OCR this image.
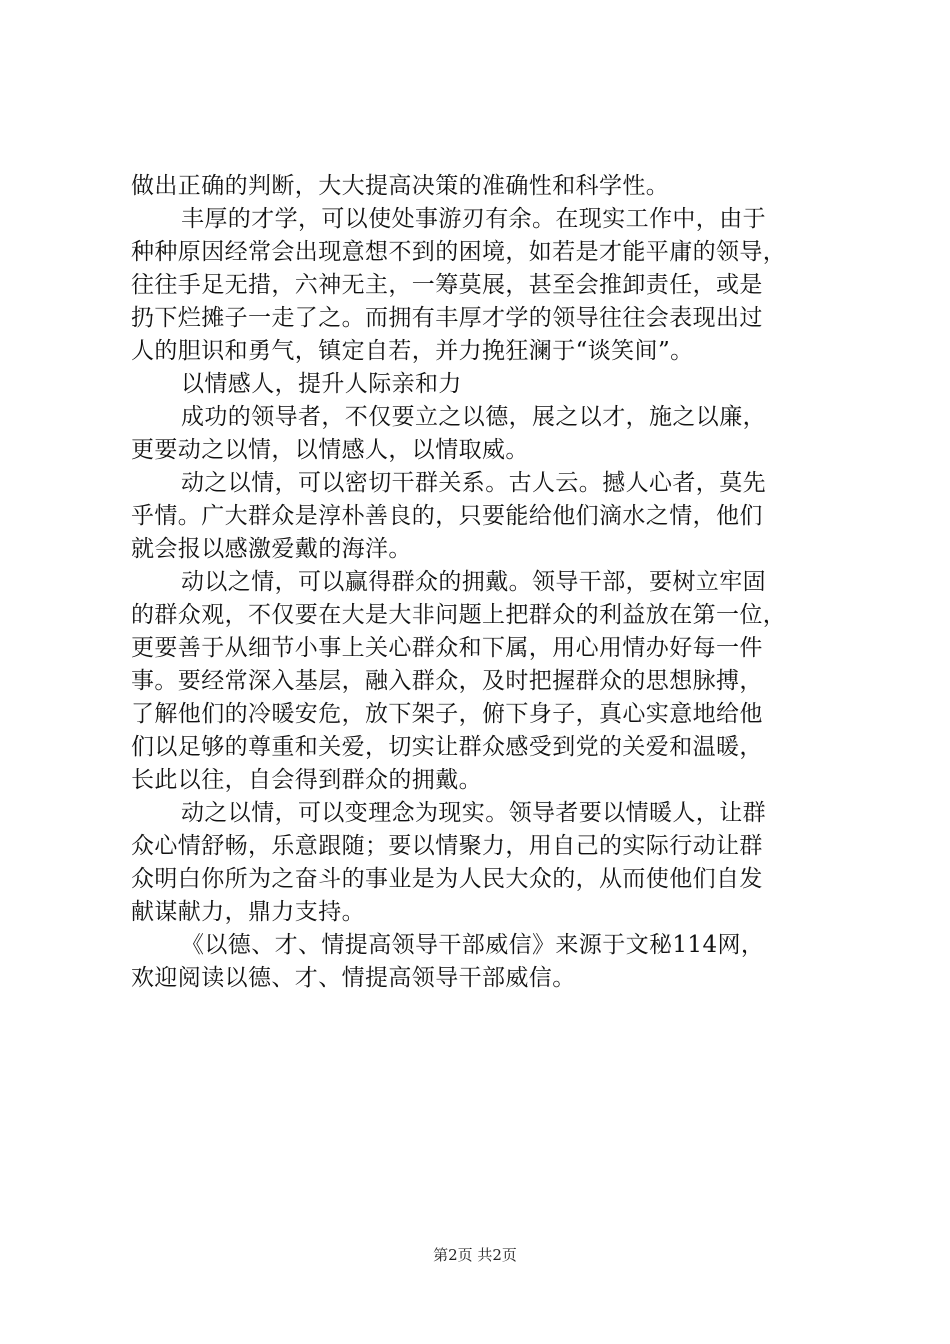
做出正确的判断，大大提高决策的准确性和科学性。
丰厚的才学，可以使处事游刃有余。在现实工作中，由于
种种原因经常会出现意想不到的困境，如若是才能平庸的领导，
往往手足无措，六神无主，一筹莫展，甚至会推卸责任，或是
扔下烂摊子一走了之。而拥有丰厚才学的领导往往会表现出过
人的胆识和勇气，镇定自若，并力挽狂澜于“谈笑间”。
以情感人，提升人际亲和力
成功的领导者，不仅要立之以德，展之以才，施之以廉，
更要动之以情，以情感人，以情取威。
动之以情，可以密切干群关系。古人云。撼人心者，莫先
乎情。广大群众是淳朴善良的，只要能给他们滴水之情，他们
就会报以感激爱戴的海洋。
动以之情，可以赢得群众的拥戴。领导干部，要树立牢固
的群众观，不仅要在大是大非问题上把群众的利益放在第一位，
更要善于从细节小事上关心群众和下属，用心用情办好每一件
事。要经常深入基层，融入群众，及时把握群众的思想脉搏，
了解他们的冷暖安危，放下架子，俯下身子，真心实意地给他
们以足够的尊重和关爱，切实让群众感受到党的关爱和温暖，
长此以往，自会得到群众的拥戴。
动之以情，可以变理念为现实。领导者要以情暖人，让群
众心情舒畅，乐意跟随；要以情聚力，用自己的实际行动让群
众明白你所为之奋斗的事业是为人民大众的，从而使他们自发
献谋献力，鼎力支持。
《以德、才、情提高领导干部威信》来源于文秘114网，
欢迎阅读以德、才、情提高领导干部威信。
第2页 共2页
